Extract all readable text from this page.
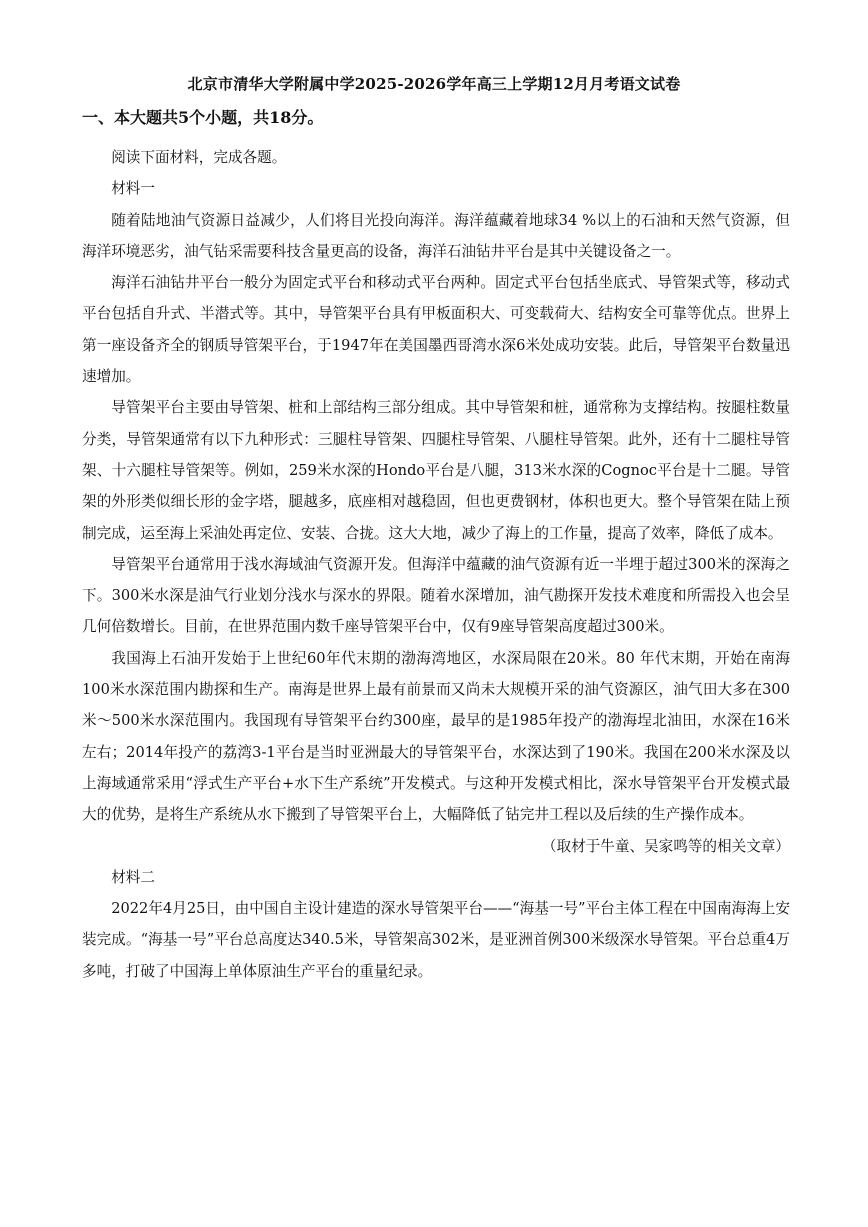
北京市清华大学附属中学2025-2026学年高三上学期12月月考语文试卷
一、本大题共5个小题，共18分。

阅读下面材料，完成各题。

材料一

随着陆地油气资源日益减少，人们将目光投向海洋。海洋蕴藏着地球34 %以上的石油和天然气资源，但海洋环境恶劣，油气钻采需要科技含量更高的设备，海洋石油钻井平台是其中关键设备之一。

海洋石油钻井平台一般分为固定式平台和移动式平台两种。固定式平台包括坐底式、导管架式等，移动式平台包括自升式、半潜式等。其中，导管架平台具有甲板面积大、可变载荷大、结构安全可靠等优点。世界上第一座设备齐全的钢质导管架平台，于1947年在美国墨西哥湾水深6米处成功安装。此后，导管架平台数量迅速增加。

导管架平台主要由导管架、桩和上部结构三部分组成。其中导管架和桩，通常称为支撑结构。按腿柱数量分类，导管架通常有以下九种形式：三腿柱导管架、四腿柱导管架、八腿柱导管架。此外，还有十二腿柱导管架、十六腿柱导管架等。例如，259米水深的Hondo平台是八腿，313米水深的Cognoc平台是十二腿。导管架的外形类似细长形的金字塔，腿越多，底座相对越稳固，但也更费钢材，体积也更大。整个导管架在陆上预制完成，运至海上采油处再定位、安装、合拢。这大大地，减少了海上的工作量，提高了效率，降低了成本。

导管架平台通常用于浅水海域油气资源开发。但海洋中蕴藏的油气资源有近一半埋于超过300米的深海之下。300米水深是油气行业划分浅水与深水的界限。随着水深增加，油气勘探开发技术难度和所需投入也会呈几何倍数增长。目前，在世界范围内数千座导管架平台中，仅有9座导管架高度超过300米。

我国海上石油开发始于上世纪60年代末期的渤海湾地区，水深局限在20米。80 年代末期，开始在南海100米水深范围内勘探和生产。南海是世界上最有前景而又尚未大规模开采的油气资源区，油气田大多在300 米～500米水深范围内。我国现有导管架平台约300座，最早的是1985年投产的渤海埕北油田，水深在16米左右；2014年投产的荔湾3-1平台是当时亚洲最大的导管架平台，水深达到了190米。我国在200米水深及以上海域通常采用“浮式生产平台+水下生产系统”开发模式。与这种开发模式相比，深水导管架平台开发模式最大的优势，是将生产系统从水下搬到了导管架平台上，大幅降低了钻完井工程以及后续的生产操作成本。

（取材于牛童、吴家鸣等的相关文章）

材料二

2022年4月25日，由中国自主设计建造的深水导管架平台——“海基一号”平台主体工程在中国南海海上安装完成。“海基一号”平台总高度达340.5米，导管架高302米，是亚洲首例300米级深水导管架。平台总重4万多吨，打破了中国海上单体原油生产平台的重量纪录。
